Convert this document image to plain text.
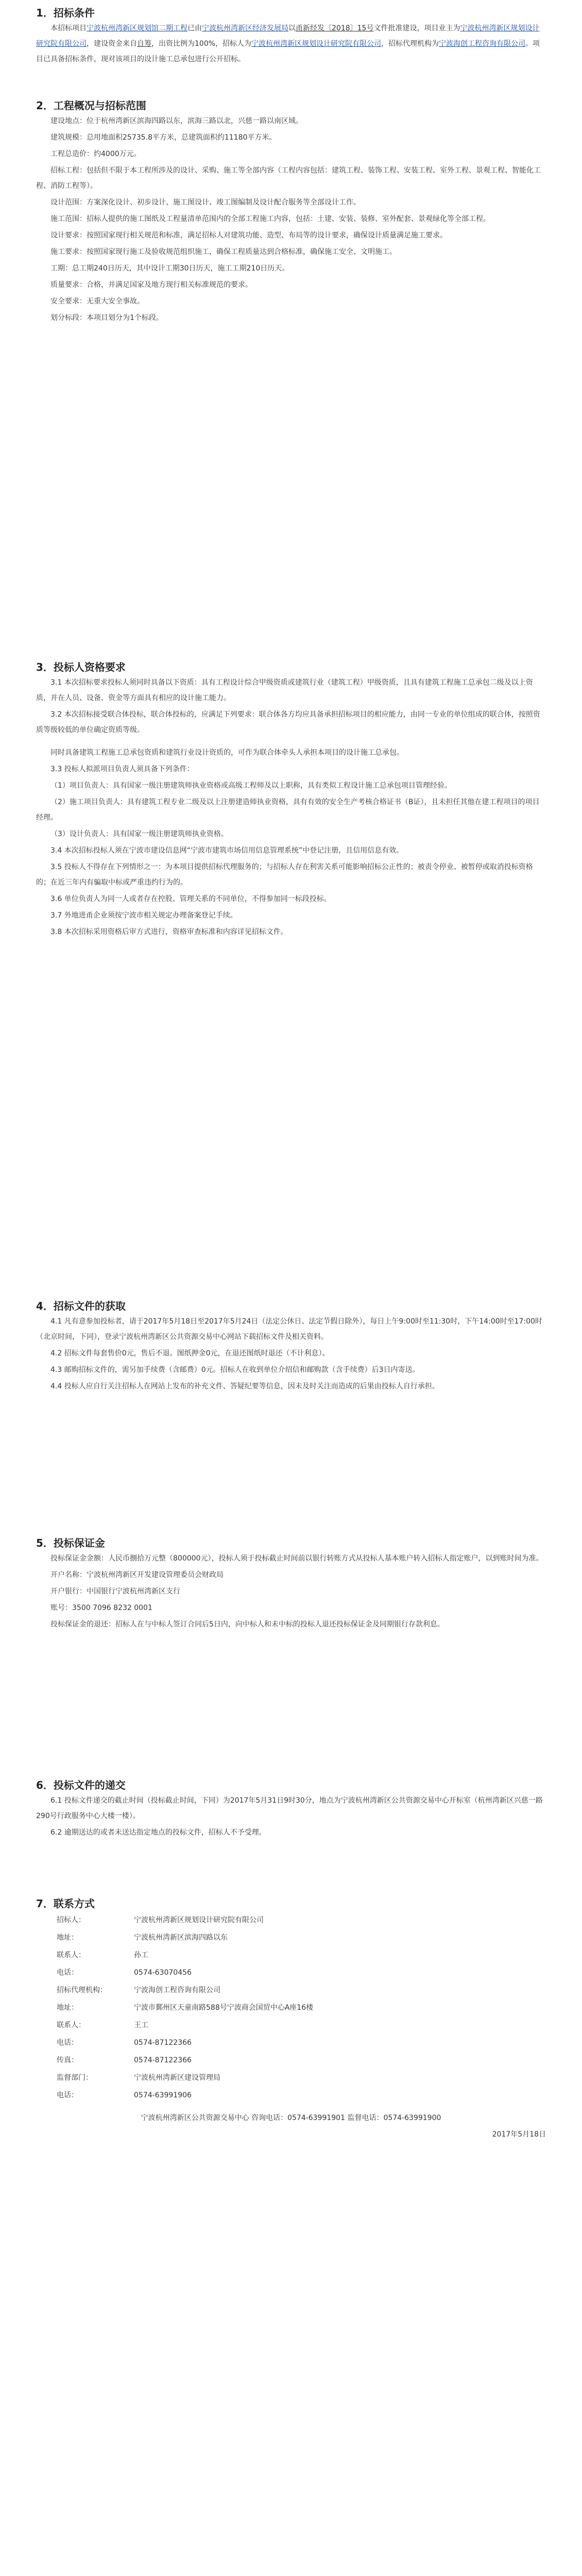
1．招标条件

本招标项目宁波杭州湾新区规划馆二期工程已由宁波杭州湾新区经济发展局以甬新经发〔2018〕15号文件批准建设，项目业主为宁波杭州湾新区规划设计研究院有限公司，建设资金来自自筹，出资比例为100%，招标人为宁波杭州湾新区规划设计研究院有限公司，招标代理机构为宁波海创工程咨询有限公司。项目已具备招标条件，现对该项目的设计施工总承包进行公开招标。

2．工程概况与招标范围

建设地点：位于杭州湾新区滨海四路以东，滨海三路以北，兴慈一路以南区域。

建筑规模：总用地面积25735.8平方米，总建筑面积约11180平方米。

工程总造价：约4000万元。

招标工程：包括但不限于本工程所涉及的设计、采购、施工等全部内容（工程内容包括：建筑工程、装饰工程、安装工程、室外工程、景观工程、智能化工程、消防工程等）。

设计范围：方案深化设计、初步设计、施工图设计、竣工图编制及设计配合服务等全部设计工作。

施工范围：招标人提供的施工图纸及工程量清单范围内的全部工程施工内容，包括：土建、安装、装修、室外配套、景观绿化等全部工程。

设计要求：按照国家现行相关规范和标准，满足招标人对建筑功能、造型、布局等的设计要求，确保设计质量满足施工要求。

施工要求：按照国家现行施工及验收规范组织施工，确保工程质量达到合格标准，确保施工安全、文明施工。

工期：总工期240日历天，其中设计工期30日历天，施工工期210日历天。

质量要求：合格，并满足国家及地方现行相关标准规范的要求。

安全要求：无重大安全事故。

划分标段：本项目划分为1个标段。

3．投标人资格要求

3.1 本次招标要求投标人须同时具备以下资质：具有工程设计综合甲级资质或建筑行业（建筑工程）甲级资质，且具有建筑工程施工总承包二级及以上资质，并在人员、设备、资金等方面具有相应的设计施工能力。

3.2 本次招标接受联合体投标，联合体投标的，应满足下列要求：联合体各方均应具备承担招标项目的相应能力，由同一专业的单位组成的联合体，按照资质等级较低的单位确定资质等级。

同时具备建筑工程施工总承包资质和建筑行业设计资质的，可作为联合体牵头人承担本项目的设计施工总承包。

3.3 投标人拟派项目负责人须具备下列条件：

（1）项目负责人：具有国家一级注册建筑师执业资格或高级工程师及以上职称，具有类似工程设计施工总承包项目管理经验。

（2）施工项目负责人：具有建筑工程专业二级及以上注册建造师执业资格，具有有效的安全生产考核合格证书（B证），且未担任其他在建工程项目的项目经理。

（3）设计负责人：具有国家一级注册建筑师执业资格。

3.4 本次招标投标人须在宁波市建设信息网“宁波市建筑市场信用信息管理系统”中登记注册，且信用信息有效。

3.5 投标人不得存在下列情形之一：为本项目提供招标代理服务的；与招标人存在利害关系可能影响招标公正性的；被责令停业、被暂停或取消投标资格的；在近三年内有骗取中标或严重违约行为的。

3.6 单位负责人为同一人或者存在控股、管理关系的不同单位，不得参加同一标段投标。

3.7 外地进甬企业须按宁波市相关规定办理备案登记手续。

3.8 本次招标采用资格后审方式进行，资格审查标准和内容详见招标文件。

4．招标文件的获取

4.1 凡有意参加投标者，请于2017年5月18日至2017年5月24日（法定公休日、法定节假日除外），每日上午9:00时至11:30时，下午14:00时至17:00时（北京时间，下同），登录宁波杭州湾新区公共资源交易中心网站下载招标文件及相关资料。

4.2 招标文件每套售价0元，售后不退。图纸押金0元，在退还图纸时退还（不计利息）。

4.3 邮购招标文件的，需另加手续费（含邮费）0元。招标人在收到单位介绍信和邮购款（含手续费）后3日内寄送。

4.4 投标人应自行关注招标人在网站上发布的补充文件、答疑纪要等信息，因未及时关注而造成的后果由投标人自行承担。

5．投标保证金

投标保证金金额：人民币捌拾万元整（800000元），投标人须于投标截止时间前以银行转账方式从投标人基本账户转入招标人指定账户，以到账时间为准。

开户名称：宁波杭州湾新区开发建设管理委员会财政局

开户银行：中国银行宁波杭州湾新区支行

账号：3500 7096 8232 0001

投标保证金的退还：招标人在与中标人签订合同后5日内，向中标人和未中标的投标人退还投标保证金及同期银行存款利息。

6．投标文件的递交

6.1 投标文件递交的截止时间（投标截止时间，下同）为2017年5月31日9时30分，地点为宁波杭州湾新区公共资源交易中心开标室（杭州湾新区兴慈一路290号行政服务中心大楼一楼）。

6.2 逾期送达的或者未送达指定地点的投标文件，招标人不予受理。

7．联系方式

招标人：	宁波杭州湾新区规划设计研究院有限公司

地址：	宁波杭州湾新区滨海四路以东

联系人：	孙工

电话：	0574-63070456

招标代理机构：	宁波海创工程咨询有限公司

地址：	宁波市鄞州区天童南路588号宁波商会国贸中心A座16楼

联系人：	王工

电话：	0574-87122366

传真：	0574-87122366

监督部门：	宁波杭州湾新区建设管理局

电话：	0574-63991906

宁波杭州湾新区公共资源交易中心 咨询电话：0574-63991901 监督电话：0574-63991900

2017年5月18日
